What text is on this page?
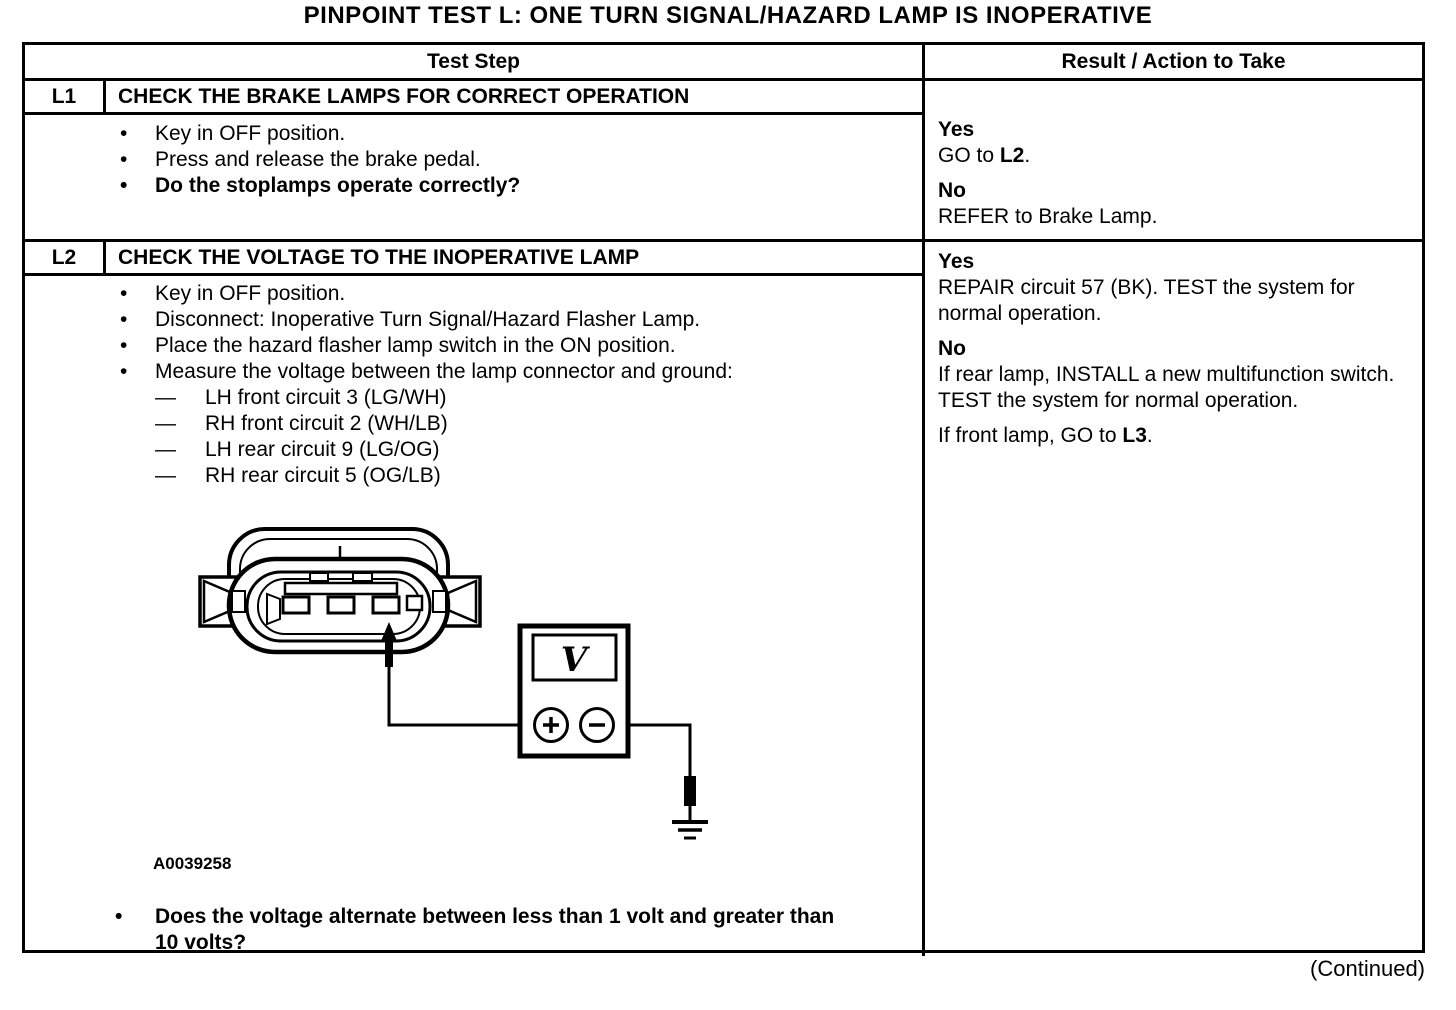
PINPOINT TEST L: ONE TURN SIGNAL/HAZARD LAMP IS INOPERATIVE
Test Step	Result / Action to Take
L1	CHECK THE BRAKE LAMPS FOR CORRECT OPERATION
•	Key in OFF position.
•	Press and release the brake pedal.
•	Do the stoplamps operate correctly?
Yes
GO to L2.
No
REFER to Brake Lamp.
L2	CHECK THE VOLTAGE TO THE INOPERATIVE LAMP
•	Key in OFF position.
•	Disconnect: Inoperative Turn Signal/Hazard Flasher Lamp.
•	Place the hazard flasher lamp switch in the ON position.
•	Measure the voltage between the lamp connector and ground:
—	LH front circuit 3 (LG/WH)
—	RH front circuit 2 (WH/LB)
—	LH rear circuit 9 (LG/OG)
—	RH rear circuit 5 (OG/LB)
V
A0039258
•	Does the voltage alternate between less than 1 volt and greater than 10 volts?
Yes
REPAIR circuit 57 (BK). TEST the system for normal operation.
No
If rear lamp, INSTALL a new multifunction switch. TEST the system for normal operation.
If front lamp, GO to L3.
(Continued)
